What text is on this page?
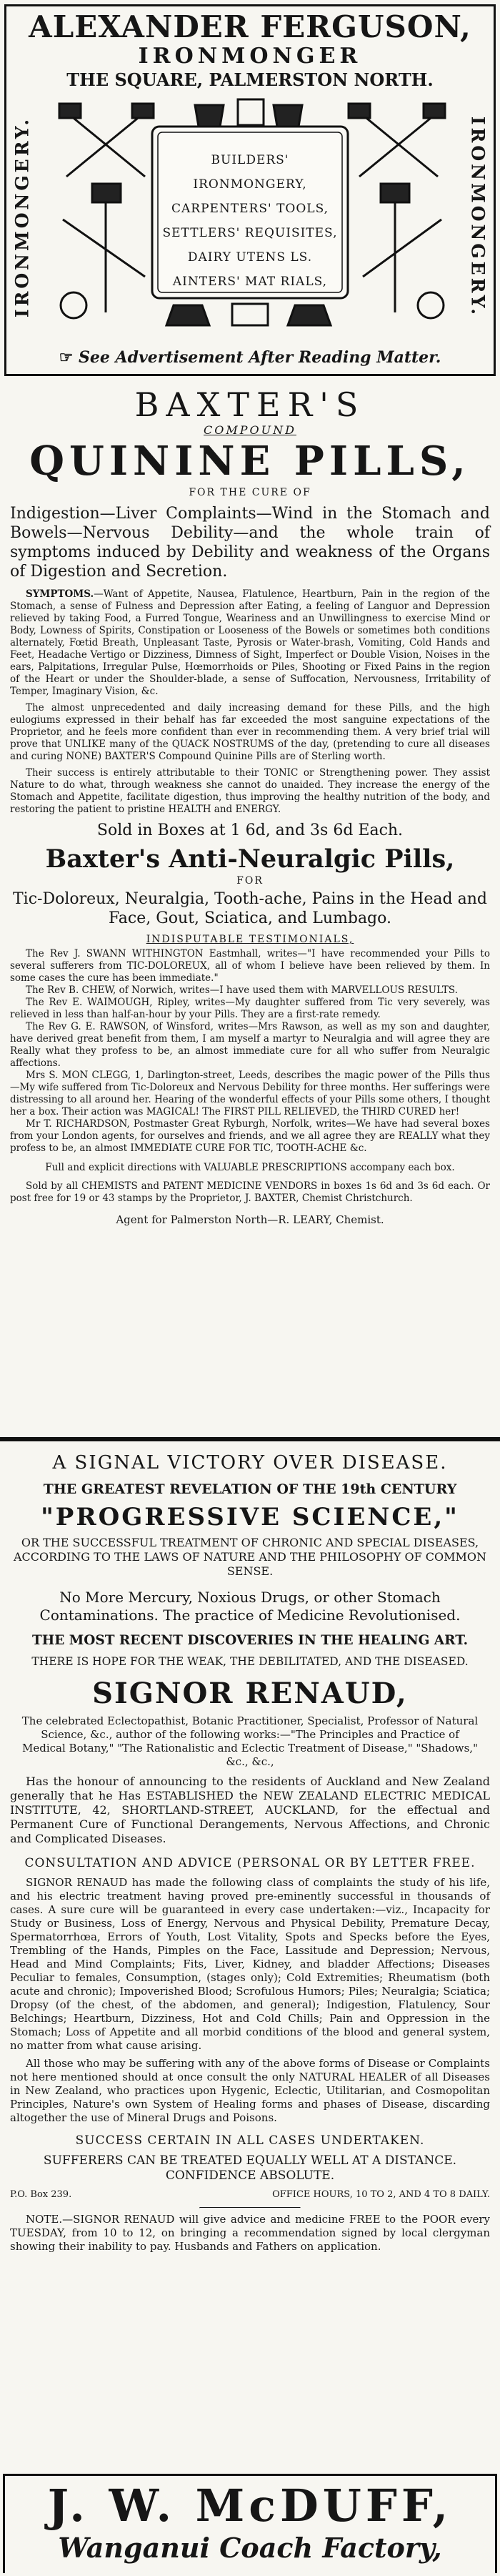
ALEXANDER FERGUSON,
IRONMONGER
THE SQUARE, PALMERSTON NORTH.
IRONMONGERY.	IRONMONGERY.
BUILDERS' IRONMONGERY,
CARPENTERS' TOOLS,
SETTLERS' REQUISITES,
DAIRY UTENS LS.
AINTERS' MAT RIALS,
☞ See Advertisement After Reading Matter.
BAXTER'S
COMPOUND
QUININE PILLS,
FOR THE CURE OF

Indigestion—Liver Complaints—Wind in the Stomach and Bowels—Nervous Debility—and the whole train of symptoms induced by Debility and weakness of the Organs of Digestion and Secretion.

SYMPTOMS.—Want of Appetite, Nausea, Flatulence, Heartburn, Pain in the region of the Stomach, a sense of Fulness and Depression after Eating, a feeling of Languor and Depression relieved by taking Food, a Furred Tongue, Weariness and an Unwillingness to exercise Mind or Body, Lowness of Spirits, Constipation or Looseness of the Bowels or sometimes both conditions alternately, Fœtid Breath, Unpleasant Taste, Pyrosis or Water-brash, Vomiting, Cold Hands and Feet, Headache Vertigo or Dizziness, Dimness of Sight, Imperfect or Double Vision, Noises in the ears, Palpitations, Irregular Pulse, Hœmorrhoids or Piles, Shooting or Fixed Pains in the region of the Heart or under the Shoulder-blade, a sense of Suffocation, Nervousness, Irritability of Temper, Imaginary Vision, &c.

The almost unprecedented and daily increasing demand for these Pills, and the high eulogiums expressed in their behalf has far exceeded the most sanguine expectations of the Proprietor, and he feels more confident than ever in recommending them. A very brief trial will prove that UNLIKE many of the QUACK NOSTRUMS of the day, (pretending to cure all diseases and curing NONE) BAXTER'S Compound Quinine Pills are of Sterling worth.

Their success is entirely attributable to their TONIC or Strengthening power. They assist Nature to do what, through weakness she cannot do unaided. They increase the energy of the Stomach and Appetite, facilitate digestion, thus improving the healthy nutrition of the body, and restoring the patient to pristine HEALTH and ENERGY.

Sold in Boxes at 1 6d, and 3s 6d Each.
Baxter's Anti-Neuralgic Pills,
FOR

Tic-Doloreux, Neuralgia, Tooth-ache, Pains in the Head and Face, Gout, Sciatica, and Lumbago.

INDISPUTABLE TESTIMONIALS,

The Rev J. SWANN WITHINGTON Eastmhall, writes—"I have recommended your Pills to several sufferers from TIC-DOLOREUX, all of whom I believe have been relieved by them. In some cases the cure has been immediate."

The Rev B. CHEW, of Norwich, writes—I have used them with MARVELLOUS RESULTS.

The Rev E. WAIMOUGH, Ripley, writes—My daughter suffered from Tic very severely, was relieved in less than half-an-hour by your Pills. They are a first-rate remedy.

The Rev G. E. RAWSON, of Winsford, writes—Mrs Rawson, as well as my son and daughter, have derived great benefit from them, I am myself a martyr to Neuralgia and will agree they are Really what they profess to be, an almost immediate cure for all who suffer from Neuralgic affections.

Mrs S. MON CLEGG, 1, Darlington-street, Leeds, describes the magic power of the Pills thus—My wife suffered from Tic-Doloreux and Nervous Debility for three months. Her sufferings were distressing to all around her. Hearing of the wonderful effects of your Pills some others, I thought her a box. Their action was MAGICAL! The FIRST PILL RELIEVED, the THIRD CURED her!

Mr T. RICHARDSON, Postmaster Great Ryburgh, Norfolk, writes—We have had several boxes from your London agents, for ourselves and friends, and we all agree they are REALLY what they profess to be, an almost IMMEDIATE CURE FOR TIC, TOOTH-ACHE &c.

Full and explicit directions with VALUABLE PRESCRIPTIONS accompany each box.

Sold by all CHEMISTS and PATENT MEDICINE VENDORS in boxes 1s 6d and 3s 6d each. Or post free for 19 or 43 stamps by the Proprietor, J. BAXTER, Chemist Christchurch.

Agent for Palmerston North—R. LEARY, Chemist.

A SIGNAL VICTORY OVER DISEASE.
THE GREATEST REVELATION OF THE 19th CENTURY
"PROGRESSIVE SCIENCE,"

OR THE SUCCESSFUL TREATMENT OF CHRONIC AND SPECIAL DISEASES, ACCORDING TO THE LAWS OF NATURE AND THE PHILOSOPHY OF COMMON SENSE.

No More Mercury, Noxious Drugs, or other Stomach Contaminations. The practice of Medicine Revolutionised.

THE MOST RECENT DISCOVERIES IN THE HEALING ART.

THERE IS HOPE FOR THE WEAK, THE DEBILITATED, AND THE DISEASED.

SIGNOR RENAUD,

The celebrated Eclectopathist, Botanic Practitioner, Specialist, Professor of Natural Science, &c., author of the following works:—"The Principles and Practice of Medical Botany," "The Rationalistic and Eclectic Treatment of Disease," "Shadows," &c., &c.,

Has the honour of announcing to the residents of Auckland and New Zealand generally that he Has ESTABLISHED the NEW ZEALAND ELECTRIC MEDICAL INSTITUTE, 42, SHORTLAND-STREET, AUCKLAND, for the effectual and Permanent Cure of Functional Derangements, Nervous Affections, and Chronic and Complicated Diseases.

CONSULTATION AND ADVICE (PERSONAL OR BY LETTER FREE.

SIGNOR RENAUD has made the following class of complaints the study of his life, and his electric treatment having proved pre-eminently successful in thousands of cases. A sure cure will be guaranteed in every case undertaken:—viz., Incapacity for Study or Business, Loss of Energy, Nervous and Physical Debility, Premature Decay, Spermatorrhœa, Errors of Youth, Lost Vitality, Spots and Specks before the Eyes, Trembling of the Hands, Pimples on the Face, Lassitude and Depression; Nervous, Head and Mind Complaints; Fits, Liver, Kidney, and bladder Affections; Diseases Peculiar to females, Consumption, (stages only); Cold Extremities; Rheumatism (both acute and chronic); Impoverished Blood; Scrofulous Humors; Piles; Neuralgia; Sciatica; Dropsy (of the chest, of the abdomen, and general); Indigestion, Flatulency, Sour Belchings; Heartburn, Dizziness, Hot and Cold Chills; Pain and Oppression in the Stomach; Loss of Appetite and all morbid conditions of the blood and general system, no matter from what cause arising.

All those who may be suffering with any of the above forms of Disease or Complaints not here mentioned should at once consult the only NATURAL HEALER of all Diseases in New Zealand, who practices upon Hygenic, Eclectic, Utilitarian, and Cosmopolitan Principles, Nature's own System of Healing forms and phases of Disease, discarding altogether the use of Mineral Drugs and Poisons.

SUCCESS CERTAIN IN ALL CASES UNDERTAKEN.

SUFFERERS CAN BE TREATED EQUALLY WELL AT A DISTANCE. CONFIDENCE ABSOLUTE.

P.O. Box 239.	OFFICE HOURS, 10 TO 2, AND 4 TO 8 DAILY.

NOTE.—SIGNOR RENAUD will give advice and medicine FREE to the POOR every TUESDAY, from 10 to 12, on bringing a recommendation signed by local clergyman showing their inability to pay. Husbands and Fathers on application.

J. W. McDUFF,
Wanganui Coach Factory,
